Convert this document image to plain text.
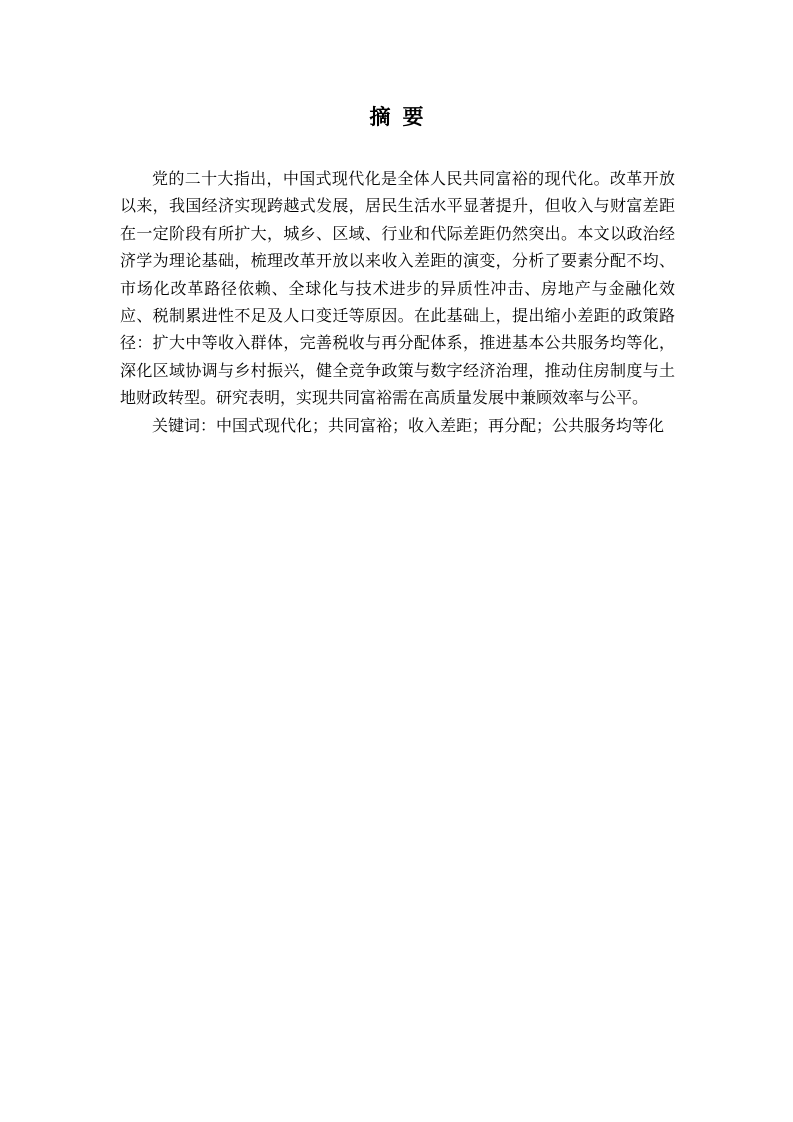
摘要

党的二十大指出，中国式现代化是全体人民共同富裕的现代化。改革开放以来，我国经济实现跨越式发展，居民生活水平显著提升，但收入与财富差距在一定阶段有所扩大，城乡、区域、行业和代际差距仍然突出。本文以政治经济学为理论基础，梳理改革开放以来收入差距的演变，分析了要素分配不均、市场化改革路径依赖、全球化与技术进步的异质性冲击、房地产与金融化效应、税制累进性不足及人口变迁等原因。在此基础上，提出缩小差距的政策路径：扩大中等收入群体，完善税收与再分配体系，推进基本公共服务均等化，深化区域协调与乡村振兴，健全竞争政策与数字经济治理，推动住房制度与土地财政转型。研究表明，实现共同富裕需在高质量发展中兼顾效率与公平。

关键词：中国式现代化；共同富裕；收入差距；再分配；公共服务均等化
